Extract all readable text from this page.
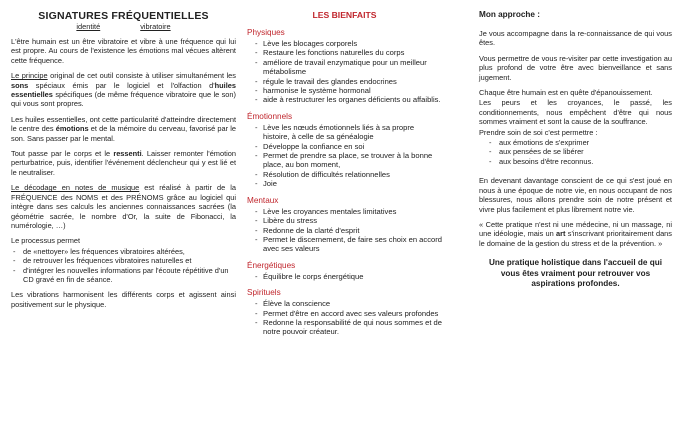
SIGNATURES FRÉQUENTIELLES
identité	vibratoire

L'être humain est un être vibratoire et vibre à une fréquence qui lui est propre. Au cours de l'existence les émotions mal vécues altèrent cette fréquence.

Le principe original de cet outil consiste à utiliser simultanément les sons spéciaux émis par le logiciel et l'olfaction d'huiles essentielles spécifiques (de même fréquence vibratoire que le son) qui vous sont propres.

Les huiles essentielles, ont cette particularité d'atteindre directement le centre des émotions et de la mémoire du cerveau, favorisé par le son. Sans passer par le mental.

Tout passe par le corps et le ressenti. Laisser remonter l'émotion perturbatrice, puis, identifier l'événement déclencheur qui y est lié et le neutraliser.

Le décodage en notes de musique est réalisé à partir de la FRÉQUENCE des NOMS et des PRÉNOMS grâce au logiciel qui intègre dans ses calculs les anciennes connaissances sacrées (la géométrie sacrée, le nombre d'Or, la suite de Fibonacci, la numérologie, …)

Le processus permet

- de «nettoyer» les fréquences vibratoires altérées,
- de retrouver les fréquences vibratoires naturelles et
- d'intégrer les nouvelles informations par l'écoute répétitive d'un CD gravé en fin de séance.

Les vibrations harmonisent les différents corps et agissent ainsi positivement sur le physique.

LES BIENFAITS
Physiques
- Lève les blocages corporels
- Restaure les fonctions naturelles du corps
- améliore de travail enzymatique pour un meilleur métabolisme
- régule le travail des glandes endocrines
- harmonise le système hormonal
- aide à restructurer les organes déficients ou affaiblis.
Émotionnels
- Lève les nœuds émotionnels liés à sa propre histoire, à celle de sa généalogie
- Développe la confiance en soi
- Permet de prendre sa place, se trouver à la bonne place, au bon moment,
- Résolution de difficultés relationnelles
- Joie
Mentaux
- Lève les croyances mentales limitatives
- Libère du stress
- Redonne de la clarté d'esprit
- Permet le discernement, de faire ses choix en accord avec ses valeurs
Énergétiques
- Équilibre le corps énergétique
Spirituels
- Élève la conscience
- Permet d'être en accord avec ses valeurs profondes
- Redonne la responsabilité de qui nous sommes et de notre pouvoir créateur.
Mon approche :

Je vous accompagne dans la re-connaissance de qui vous êtes.

Vous permettre de vous re-visiter par cette investigation au plus profond de votre être avec bienveillance et sans jugement.

Chaque être humain est en quête d'épanouissement.

Les peurs et les croyances, le passé, les conditionnements, nous empêchent d'être qui nous sommes vraiment et sont la cause de la souffrance.

Prendre soin de soi c'est permettre :

- aux émotions de s'exprimer
- aux pensées de se libérer
- aux besoins d'être reconnus.

En devenant davantage conscient de ce qui s'est joué en nous à une époque de notre vie, en nous occupant de nos blessures, nous allons prendre soin de notre présent et vivre plus facilement et plus librement notre vie.

« Cette pratique n'est ni une médecine, ni un massage, ni une idéologie, mais un art s'inscrivant prioritairement dans le domaine de la gestion du stress et de la prévention. »

Une pratique holistique dans l'accueil de qui vous êtes vraiment pour retrouver vos aspirations profondes.
